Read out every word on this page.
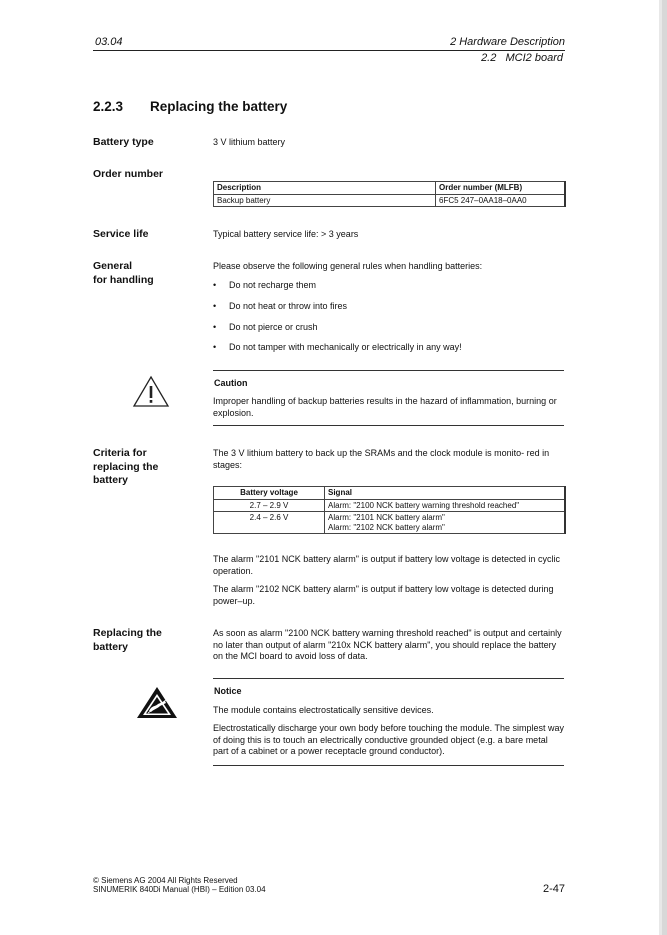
03.04	2 Hardware Description
2.2   MCI2 board
2.2.3 Replacing the battery
Battery type	3 V lithium battery
Order number
Description	Order number (MLFB)
Backup battery	6FC5 247–0AA18–0AA0
Service life	Typical battery service life: > 3 years
General
for handling
Please observe the following general rules when handling batteries:
• Do not recharge them
• Do not heat or throw into fires
• Do not pierce or crush
• Do not tamper with mechanically or electrically in any way!
Caution
Improper handling of backup batteries results in the hazard of inflammation, burning or explosion.
Criteria for
replacing the
battery
The 3 V lithium battery to back up the SRAMs and the clock module is monito- red in stages:
Battery voltage	Signal
2.7 – 2.9 V	Alarm: "2100 NCK battery warning threshold reached"
2.4 – 2.6 V	Alarm: "2101 NCK battery alarm"
Alarm: "2102 NCK battery alarm"
The alarm "2101 NCK battery alarm" is output if battery low voltage is detected in cyclic operation.
The alarm "2102 NCK battery alarm" is output if battery low voltage is detected during power–up.
Replacing the
battery
As soon as alarm "2100 NCK battery warning threshold reached" is output and certainly no later than output of alarm "210x NCK battery alarm", you should replace the battery on the MCI board to avoid loss of data.
Notice
The module contains electrostatically sensitive devices.
Electrostatically discharge your own body before touching the module. The simplest way of doing this is to touch an electrically conductive grounded object (e.g. a bare metal part of a cabinet or a power receptacle ground conductor).
© Siemens AG 2004 All Rights Reserved
SINUMERIK 840Di Manual (HBI) – Edition 03.04	2-47
